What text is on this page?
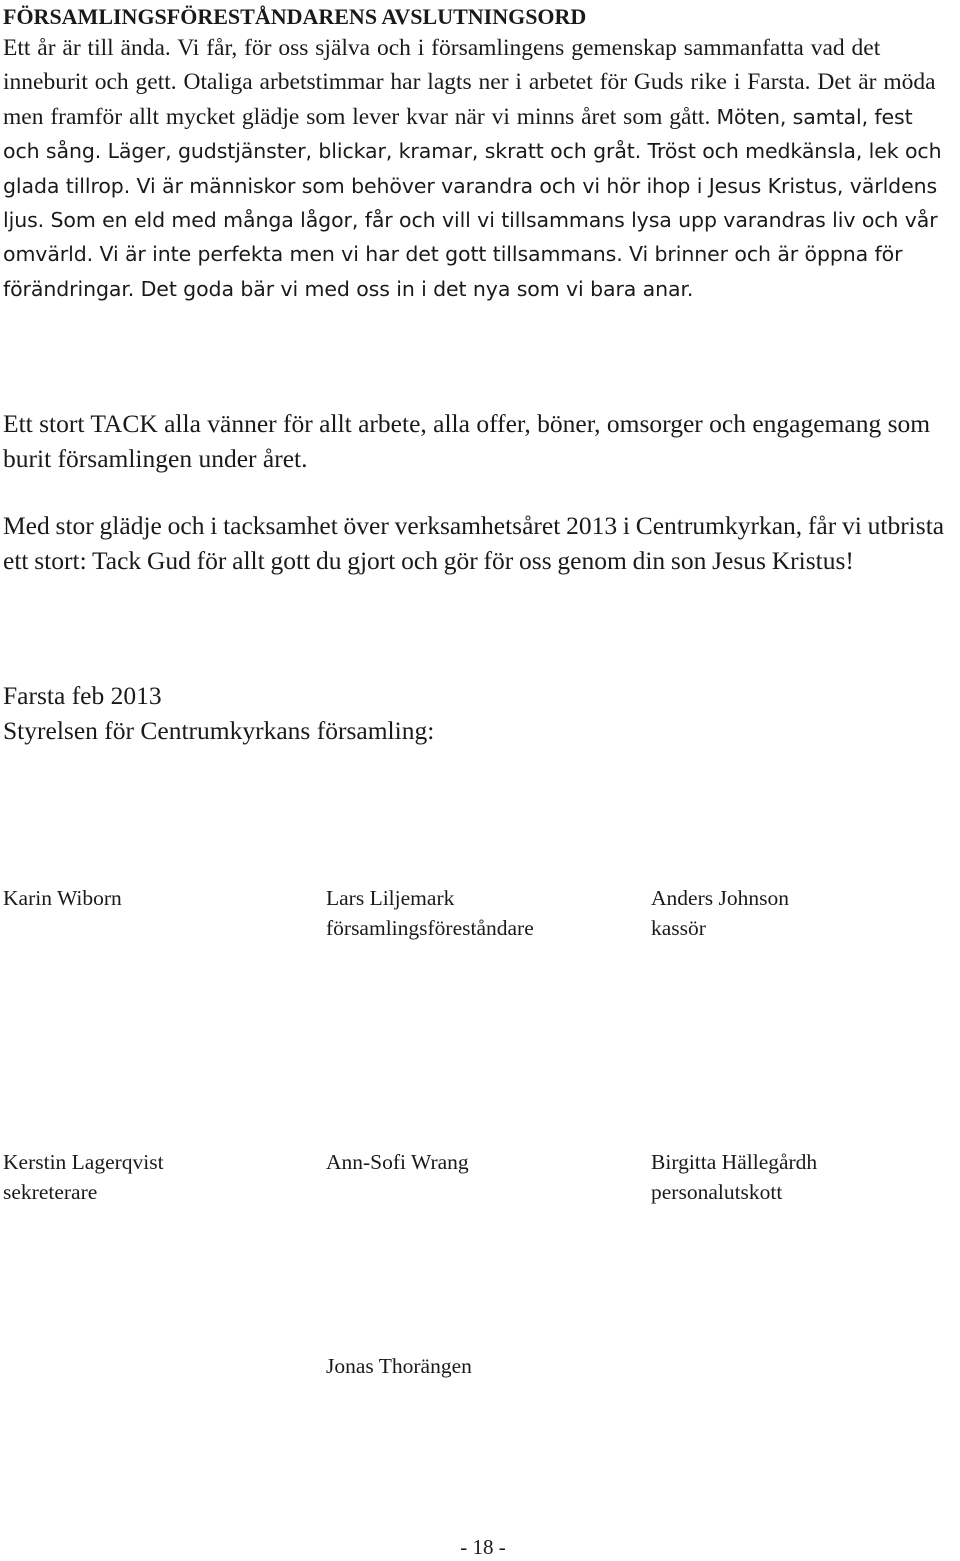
FÖRSAMLINGSFÖRESTÅNDARENS AVSLUTNINGSORD

Ett år är till ända. Vi får, för oss själva och i församlingens gemenskap sammanfatta vad det inneburit och gett. Otaliga arbetstimmar har lagts ner i arbetet för Guds rike i Farsta. Det är möda men framför allt mycket glädje som lever kvar när vi minns året som gått. Möten, samtal, fest och sång. Läger, gudstjänster, blickar, kramar, skratt och gråt. Tröst och medkänsla, lek och glada tillrop. Vi är människor som behöver varandra och vi hör ihop i Jesus Kristus, världens ljus. Som en eld med många lågor, får och vill vi tillsammans lysa upp varandras liv och vår omvärld. Vi är inte perfekta men vi har det gott tillsammans. Vi brinner och är öppna för förändringar. Det goda bär vi med oss in i det nya som vi bara anar.

Ett stort TACK alla vänner för allt arbete, alla offer, böner, omsorger och engagemang som burit församlingen under året.

Med stor glädje och i tacksamhet över verksamhetsåret 2013 i Centrumkyrkan, får vi utbrista ett stort: Tack Gud för allt gott du gjort och gör för oss genom din son Jesus Kristus!

Farsta feb 2013
Styrelsen för Centrumkyrkans församling:
Karin Wiborn	Lars Liljemark
församlingsföreståndare
Anders Johnson
kassör
Kerstin Lagerqvist
sekreterare
Ann-Sofi Wrang	Birgitta Hällegårdh
personalutskott
Jonas Thorängen
- 18 -
